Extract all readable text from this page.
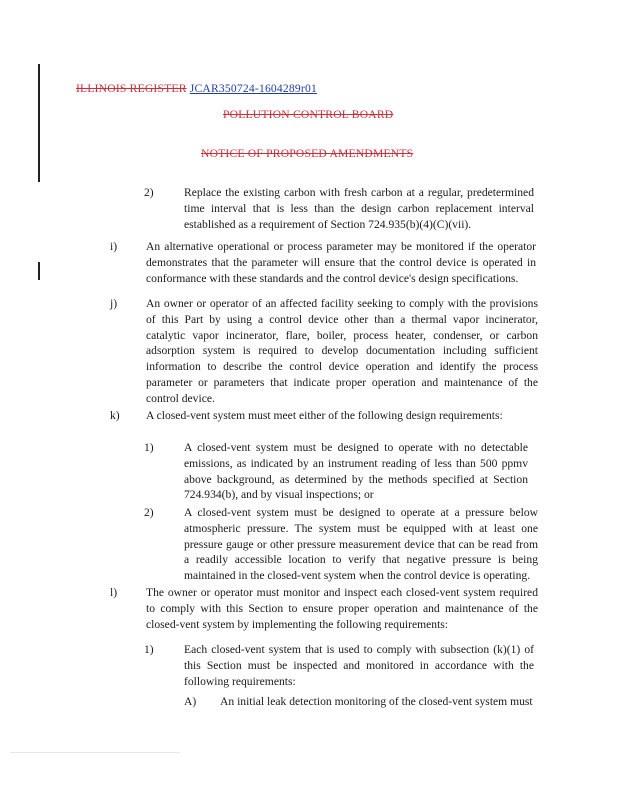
ILLINOIS REGISTER JCAR350724-1604289r01
POLLUTION CONTROL BOARD
NOTICE OF PROPOSED AMENDMENTS
2)	Replace the existing carbon with fresh carbon at a regular, predetermined time interval that is less than the design carbon replacement interval established as a requirement of Section 724.935(b)(4)(C)(vii).
i) An alternative operational or process parameter may be monitored if the operator demonstrates that the parameter will ensure that the control device is operated in conformance with these standards and the control device's design specifications.
j) An owner or operator of an affected facility seeking to comply with the provisions of this Part by using a control device other than a thermal vapor incinerator, catalytic vapor incinerator, flare, boiler, process heater, condenser, or carbon adsorption system is required to develop documentation including sufficient information to describe the control device operation and identify the process parameter or parameters that indicate proper operation and maintenance of the control device.
k) A closed-vent system must meet either of the following design requirements:
1)	A closed-vent system must be designed to operate with no detectable emissions, as indicated by an instrument reading of less than 500 ppmv above background, as determined by the methods specified at Section 724.934(b), and by visual inspections; or
2)	A closed-vent system must be designed to operate at a pressure below atmospheric pressure. The system must be equipped with at least one pressure gauge or other pressure measurement device that can be read from a readily accessible location to verify that negative pressure is being maintained in the closed-vent system when the control device is operating.
l) The owner or operator must monitor and inspect each closed-vent system required to comply with this Section to ensure proper operation and maintenance of the closed-vent system by implementing the following requirements:
1)	Each closed-vent system that is used to comply with subsection (k)(1) of this Section must be inspected and monitored in accordance with the following requirements:
A) An initial leak detection monitoring of the closed-vent system must
